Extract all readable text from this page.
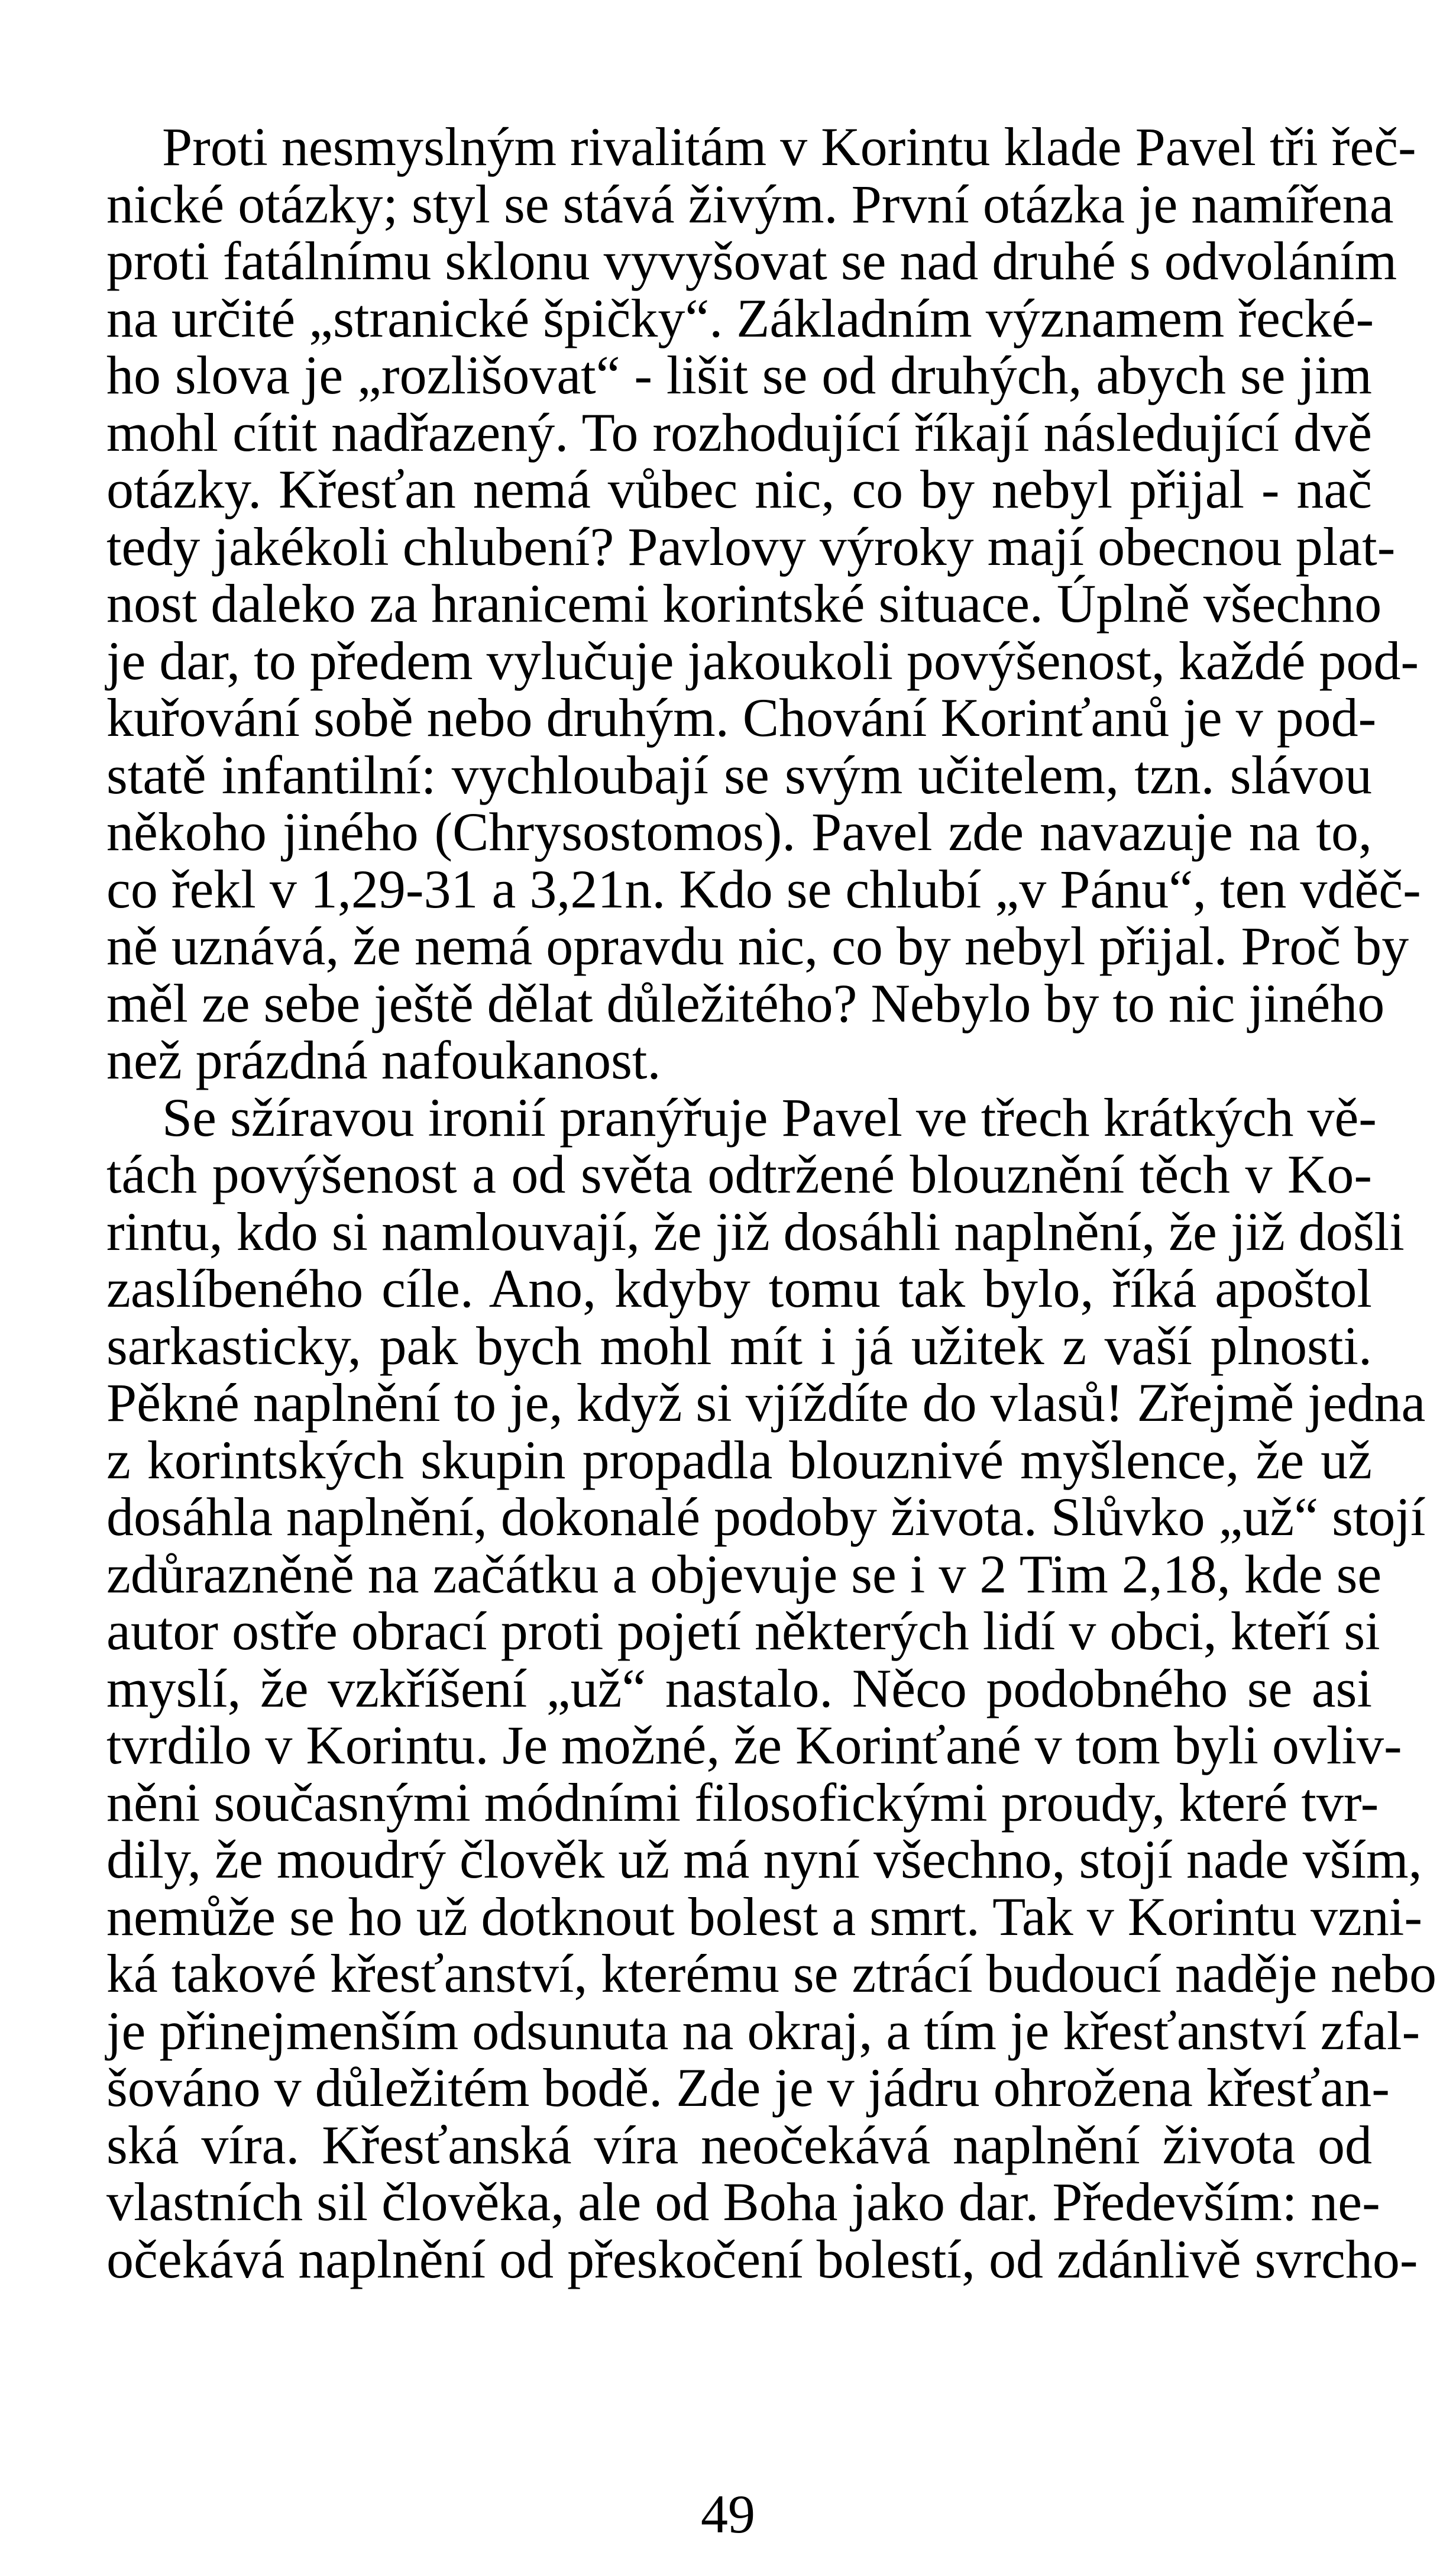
Proti nesmyslným rivalitám v Korintu klade Pavel tři řeč-
nické otázky; styl se stává živým. První otázka je namířena
proti fatálnímu sklonu vyvyšovat se nad druhé s odvoláním
na určité „stranické špičky“. Základním významem řecké-
ho slova je „rozlišovat“ - lišit se od druhých, abych se jim
mohl cítit nadřazený. To rozhodující říkají následující dvě
otázky. Křesťan nemá vůbec nic, co by nebyl přijal - nač
tedy jakékoli chlubení? Pavlovy výroky mají obecnou plat-
nost daleko za hranicemi korintské situace. Úplně všechno
je dar, to předem vylučuje jakoukoli povýšenost, každé pod-
kuřování sobě nebo druhým. Chování Korinťanů je v pod-
statě infantilní: vychloubají se svým učitelem, tzn. slávou
někoho jiného (Chrysostomos). Pavel zde navazuje na to,
co řekl v 1,29-31 a 3,21n. Kdo se chlubí „v Pánu“, ten vděč-
ně uznává, že nemá opravdu nic, co by nebyl přijal. Proč by
měl ze sebe ještě dělat důležitého? Nebylo by to nic jiného
než prázdná nafoukanost.
Se sžíravou ironií pranýřuje Pavel ve třech krátkých vě-
tách povýšenost a od světa odtržené blouznění těch v Ko-
rintu, kdo si namlouvají, že již dosáhli naplnění, že již došli
zaslíbeného cíle. Ano, kdyby tomu tak bylo, říká apoštol
sarkasticky, pak bych mohl mít i já užitek z vaší plnosti.
Pěkné naplnění to je, když si vjíždíte do vlasů! Zřejmě jedna
z korintských skupin propadla blouznivé myšlence, že už
dosáhla naplnění, dokonalé podoby života. Slůvko „už“ stojí
zdůrazněně na začátku a objevuje se i v 2 Tim 2,18, kde se
autor ostře obrací proti pojetí některých lidí v obci, kteří si
myslí, že vzkříšení „už“ nastalo. Něco podobného se asi
tvrdilo v Korintu. Je možné, že Korinťané v tom byli ovliv-
něni současnými módními filosofickými proudy, které tvr-
dily, že moudrý člověk už má nyní všechno, stojí nade vším,
nemůže se ho už dotknout bolest a smrt. Tak v Korintu vzni-
ká takové křesťanství, kterému se ztrácí budoucí naděje nebo
je přinejmenším odsunuta na okraj, a tím je křesťanství zfal-
šováno v důležitém bodě. Zde je v jádru ohrožena křesťan-
ská víra. Křesťanská víra neočekává naplnění života od
vlastních sil člověka, ale od Boha jako dar. Především: ne-
očekává naplnění od přeskočení bolestí, od zdánlivě svrcho-
49
